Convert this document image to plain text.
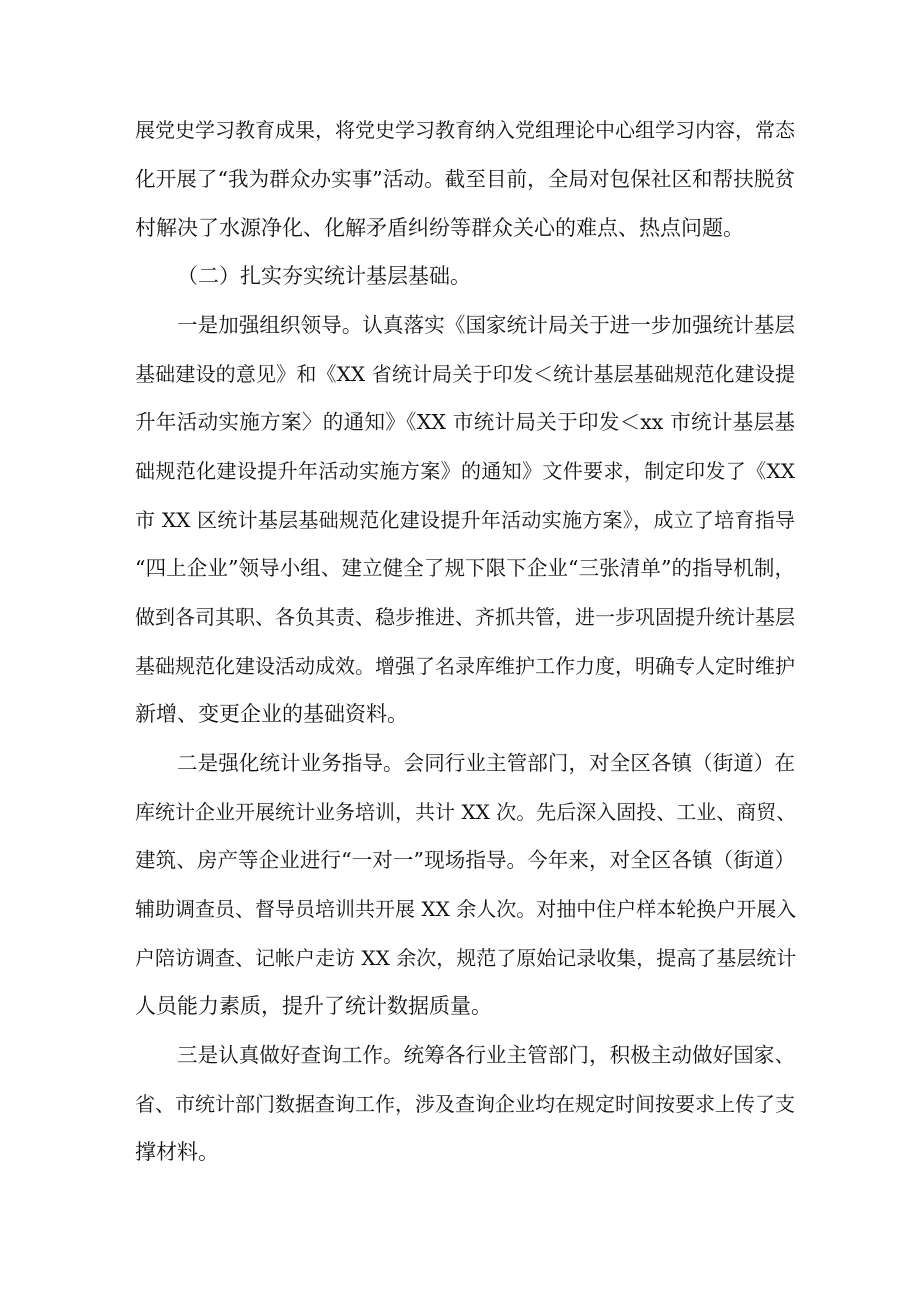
展党史学习教育成果，将党史学习教育纳入党组理论中心组学习内容，常态
化开展了“我为群众办实事”活动。截至目前，全局对包保社区和帮扶脱贫
村解决了水源净化、化解矛盾纠纷等群众关心的难点、热点问题。
（二）扎实夯实统计基层基础。
一是加强组织领导。认真落实《国家统计局关于进一步加强统计基层
基础建设的意见》和《XX 省统计局关于印发＜统计基层基础规范化建设提
升年活动实施方案〉的通知》《XX 市统计局关于印发＜xx 市统计基层基
础规范化建设提升年活动实施方案》的通知》文件要求，制定印发了《XX
市 XX 区统计基层基础规范化建设提升年活动实施方案》，成立了培育指导
“四上企业”领导小组、建立健全了规下限下企业“三张清单”的指导机制，
做到各司其职、各负其责、稳步推进、齐抓共管，进一步巩固提升统计基层
基础规范化建设活动成效。增强了名录库维护工作力度，明确专人定时维护
新增、变更企业的基础资料。
二是强化统计业务指导。会同行业主管部门，对全区各镇（街道）在
库统计企业开展统计业务培训，共计 XX 次。先后深入固投、工业、商贸、
建筑、房产等企业进行“一对一”现场指导。今年来，对全区各镇（街道）
辅助调查员、督导员培训共开展 XX 余人次。对抽中住户样本轮换户开展入
户陪访调查、记帐户走访 XX 余次，规范了原始记录收集，提高了基层统计
人员能力素质，提升了统计数据质量。
三是认真做好查询工作。统筹各行业主管部门，积极主动做好国家、
省、市统计部门数据查询工作，涉及查询企业均在规定时间按要求上传了支
撑材料。
